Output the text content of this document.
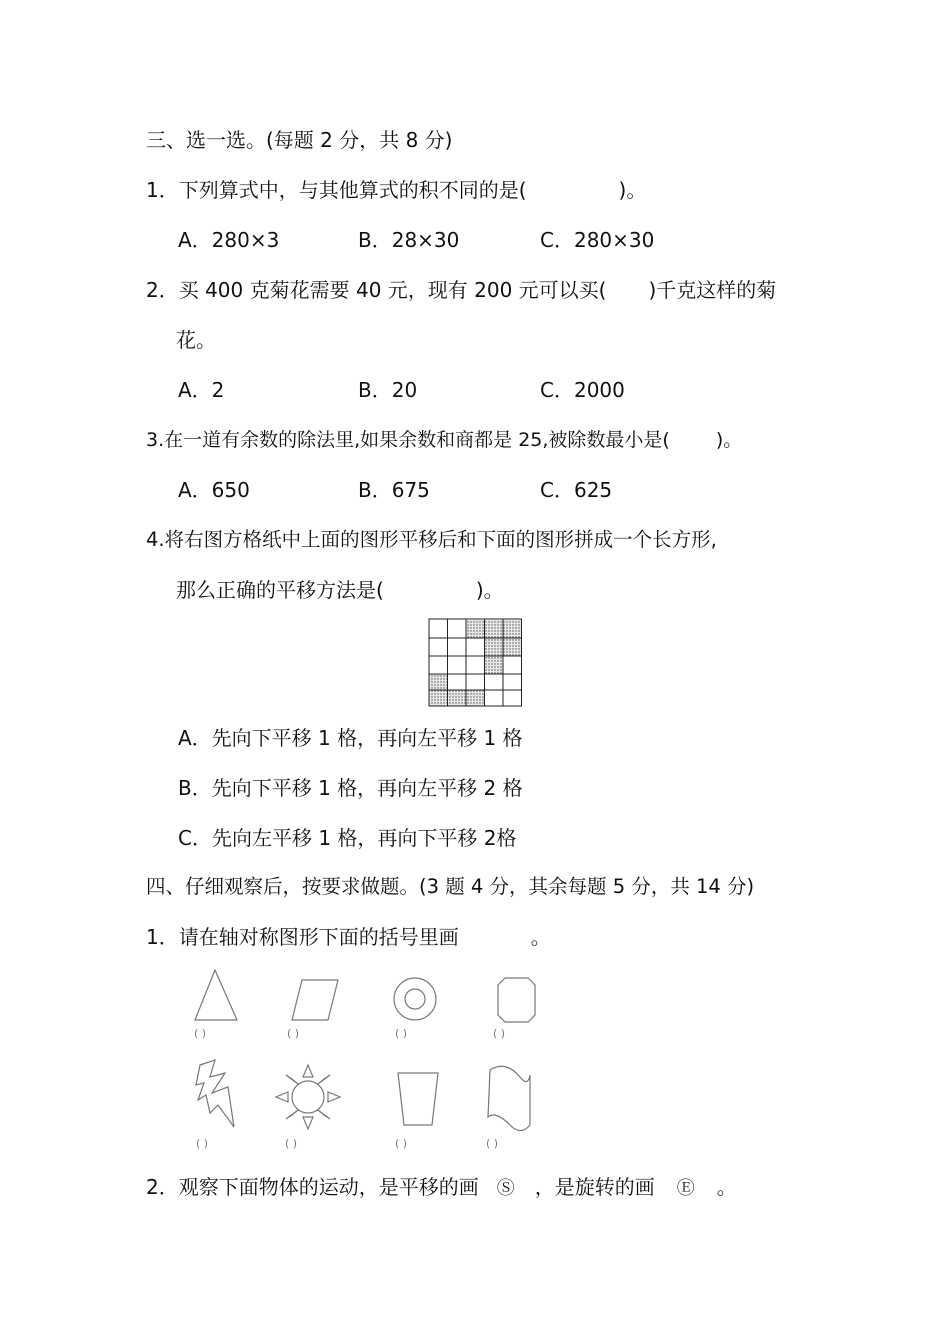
三、选一选。(每题 2 分，共 8 分)
1．下列算式中，与其他算式的积不同的是(	)。
A．280×3	B．28×30	C．280×30
2．买 400 克菊花需要 40 元，现有 200 元可以买( )千克这样的菊
花。
A．2	B．20	C．2000
3.在一道有余数的除法里,如果余数和商都是 25,被除数最小是( )。
A．650	B．675	C．625
4.将右图方格纸中上面的图形平移后和下面的图形拼成一个长方形,
那么正确的平移方法是(	)。
A．先向下平移 1 格，再向左平移 1 格
B．先向下平移 1 格，再向左平移 2 格
C．先向左平移 1 格，再向下平移 2格
四、仔细观察后，按要求做题。(3 题 4 分，其余每题 5 分，共 14 分)
1．请在轴对称图形下面的括号里画	。
( )	( )	( )	( )
( )	( )	( )	( )
2．观察下面物体的运动，是平移的画 Ⓢ ，是旋转的画 Ⓔ 。
